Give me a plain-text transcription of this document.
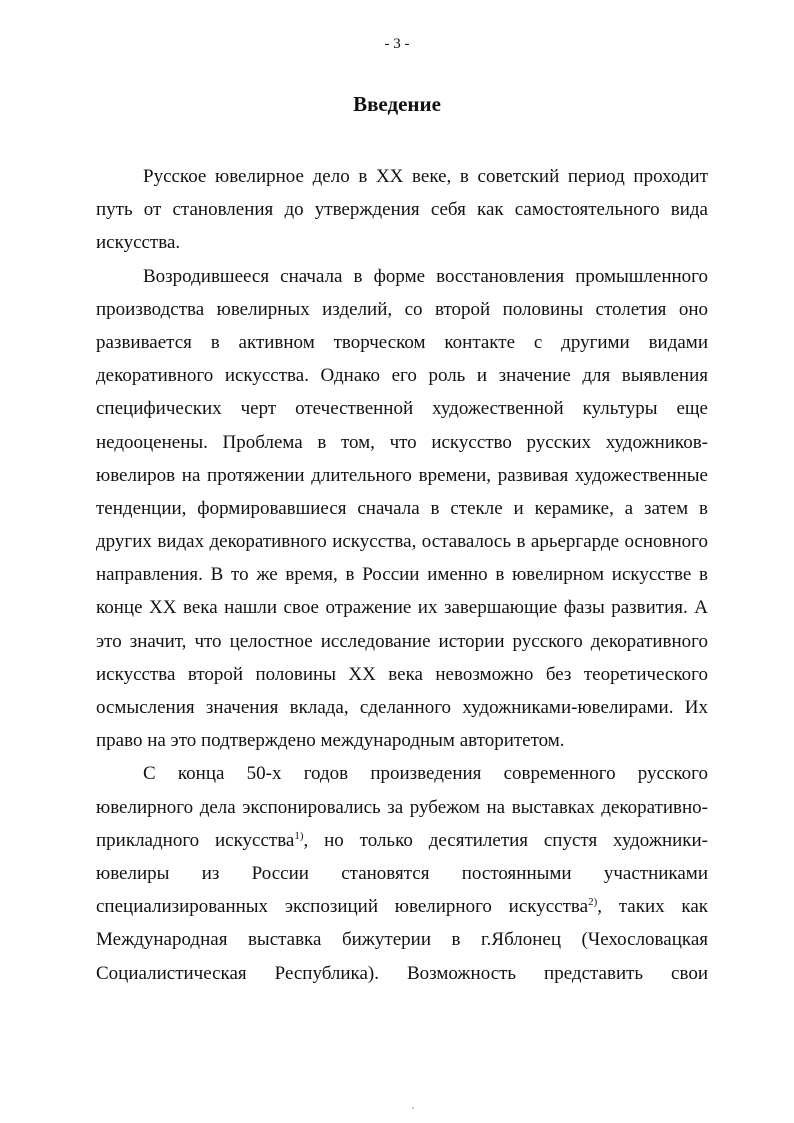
- 3 -
Введение
Русское ювелирное дело в XX веке, в советский период проходит
путь от становления до утверждения себя как самостоятельного вида
искусства.
Возродившееся сначала в форме восстановления промышленного
производства ювелирных изделий, со второй половины столетия оно
развивается в активном творческом контакте с другими видами
декоративного искусства. Однако его роль и значение для выявления
специфических черт отечественной художественной культуры еще
недооценены. Проблема в том, что искусство русских художников-
ювелиров на протяжении длительного времени, развивая художественные
тенденции, формировавшиеся сначала в стекле и керамике, а затем в
других видах декоративного искусства, оставалось в арьергарде основного
направления. В то же время, в России именно в ювелирном искусстве в
конце XX века нашли свое отражение их завершающие фазы развития. А
это значит, что целостное исследование истории русского декоративного
искусства второй половины XX века невозможно без теоретического
осмысления значения вклада, сделанного художниками-ювелирами. Их
право на это подтверждено международным авторитетом.
С конца 50-х годов произведения современного русского
ювелирного дела экспонировались за рубежом на выставках декоративно-
прикладного искусства$^{1)}$, но только десятилетия спустя художники-
ювелиры из России становятся постоянными участниками
специализированных экспозиций ювелирного искусства$^{2)}$, таких как
Международная выставка бижутерии в г.Яблонец (Чехословацкая
Социалистическая Республика). Возможность представить свои
